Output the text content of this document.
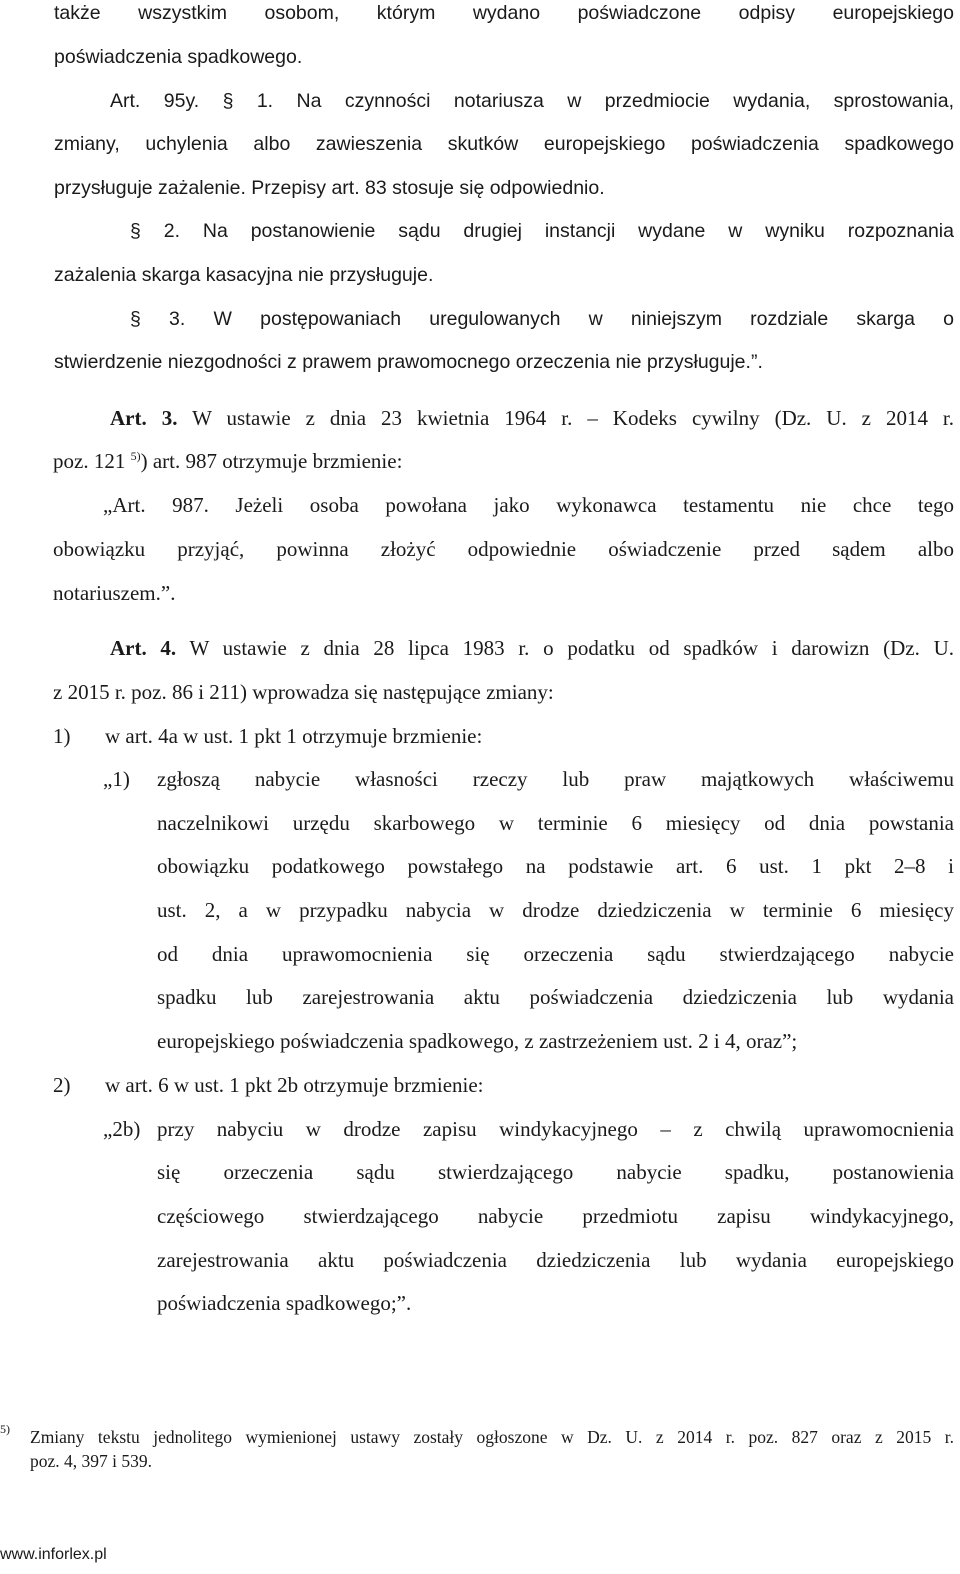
także wszystkim osobom, którym wydano poświadczone odpisy europejskiego
poświadczenia spadkowego.
Art. 95y. § 1. Na czynności notariusza w przedmiocie wydania, sprostowania,
zmiany, uchylenia albo zawieszenia skutków europejskiego poświadczenia spadkowego
przysługuje zażalenie. Przepisy art. 83 stosuje się odpowiednio.
§ 2. Na postanowienie sądu drugiej instancji wydane w wyniku rozpoznania
zażalenia skarga kasacyjna nie przysługuje.
§ 3. W postępowaniach uregulowanych w niniejszym rozdziale skarga o
stwierdzenie niezgodności z prawem prawomocnego orzeczenia nie przysługuje.”.
Art. 3. W ustawie z dnia 23 kwietnia 1964 r. – Kodeks cywilny (Dz. U. z 2014 r.
poz. 121 $^{5)}$) art. 987 otrzymuje brzmienie:
„Art. 987. Jeżeli osoba powołana jako wykonawca testamentu nie chce tego
obowiązku przyjąć, powinna złożyć odpowiednie oświadczenie przed sądem albo
notariuszem.”.
Art. 4. W ustawie z dnia 28 lipca 1983 r. o podatku od spadków i darowizn (Dz. U.
z 2015 r. poz. 86 i 211) wprowadza się następujące zmiany:
1) w art. 4a w ust. 1 pkt 1 otrzymuje brzmienie:
„1)	zgłoszą nabycie własności rzeczy lub praw majątkowych właściwemu
naczelnikowi urzędu skarbowego w terminie 6 miesięcy od dnia powstania
obowiązku podatkowego powstałego na podstawie art. 6 ust. 1 pkt 2–8 i
ust. 2, a w przypadku nabycia w drodze dziedziczenia w terminie 6 miesięcy
od dnia uprawomocnienia się orzeczenia sądu stwierdzającego nabycie
spadku lub zarejestrowania aktu poświadczenia dziedziczenia lub wydania
europejskiego poświadczenia spadkowego, z zastrzeżeniem ust. 2 i 4, oraz”;
2) w art. 6 w ust. 1 pkt 2b otrzymuje brzmienie:
„2b) przy nabyciu w drodze zapisu windykacyjnego – z chwilą uprawomocnienia
się orzeczenia sądu stwierdzającego nabycie spadku, postanowienia
częściowego stwierdzającego nabycie przedmiotu zapisu windykacyjnego,
zarejestrowania aktu poświadczenia dziedziczenia lub wydania europejskiego
poświadczenia spadkowego;”.
5) Zmiany tekstu jednolitego wymienionej ustawy zostały ogłoszone w Dz. U. z 2014 r. poz. 827 oraz z 2015 r.
poz. 4, 397 i 539.
www.inforlex.pl
